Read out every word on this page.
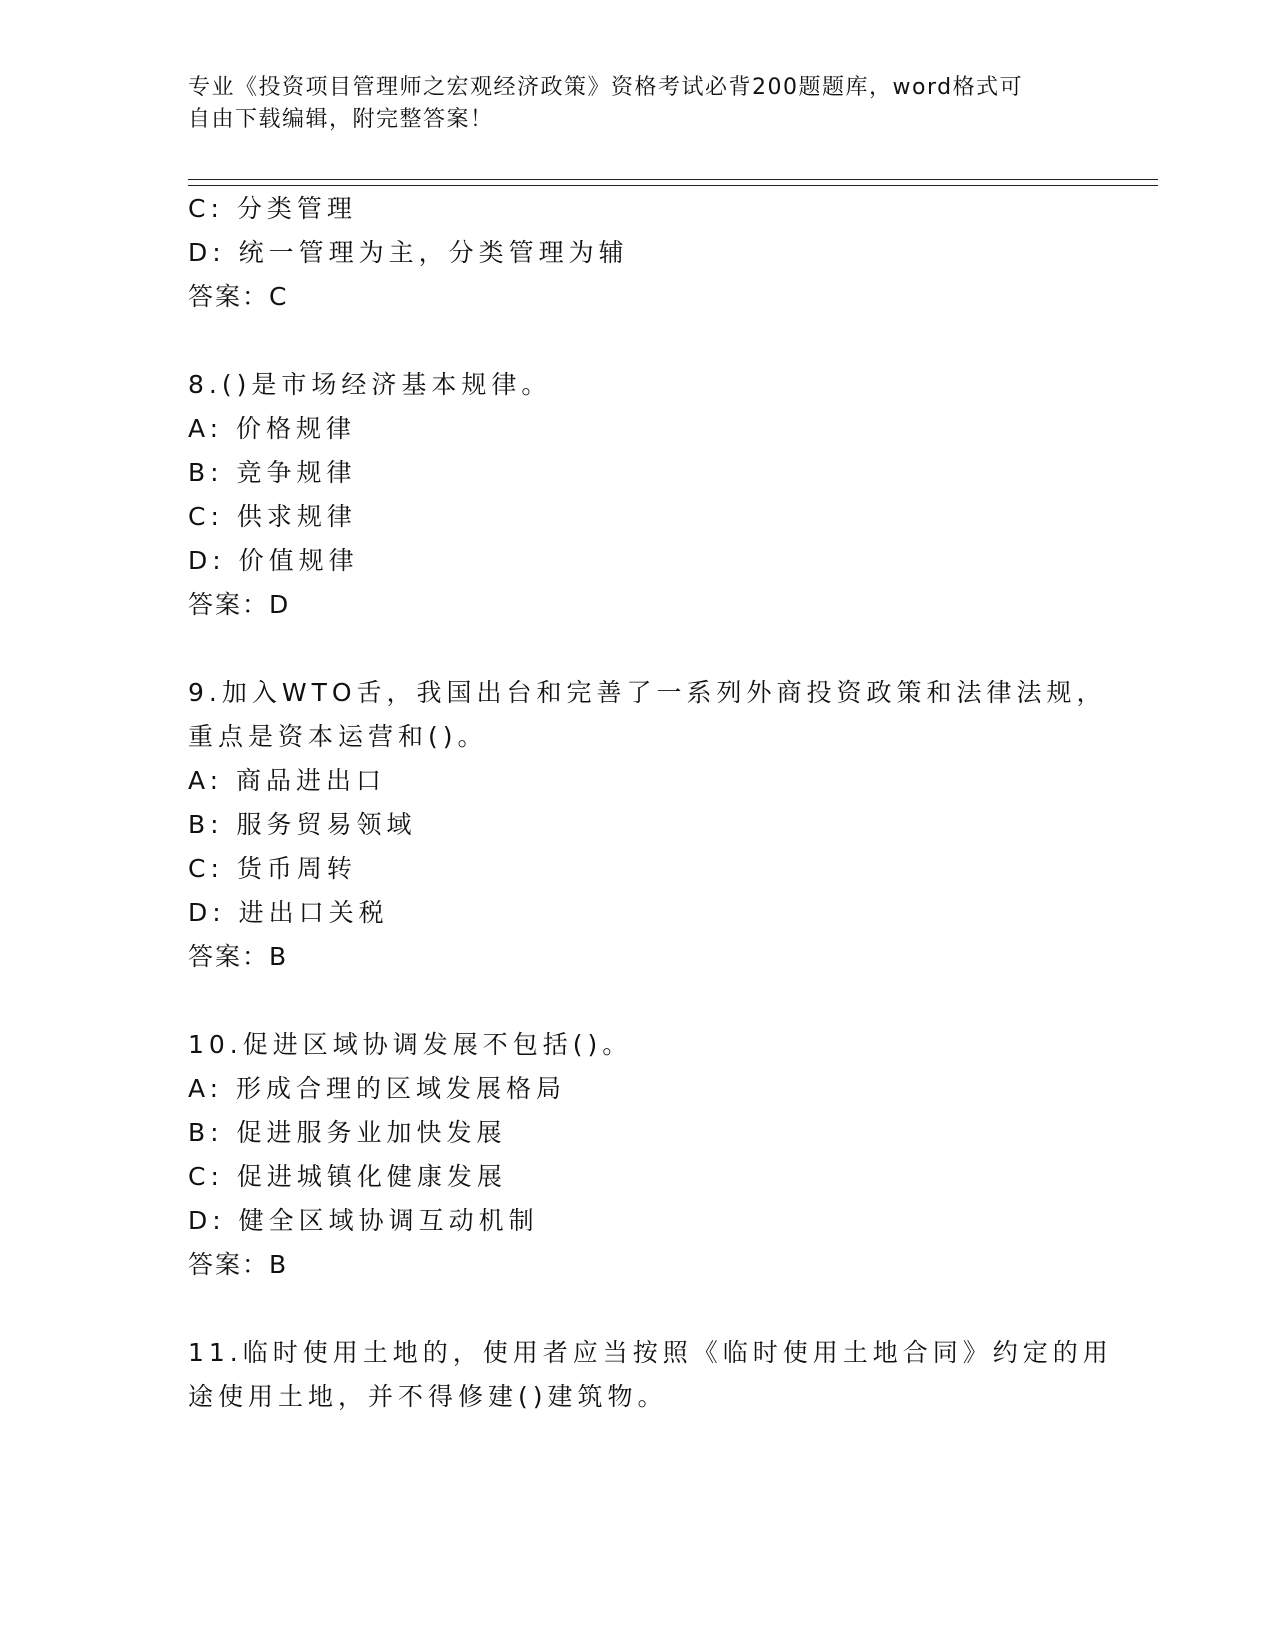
专业《投资项目管理师之宏观经济政策》资格考试必背200题题库，word格式可
自由下载编辑，附完整答案！
C: 分类管理
D: 统一管理为主，分类管理为辅
答案：C
8.()是市场经济基本规律。
A: 价格规律
B: 竞争规律
C: 供求规律
D: 价值规律
答案：D
9.加入WTO舌，我国出台和完善了一系列外商投资政策和法律法规，
重点是资本运营和()。
A: 商品进出口
B: 服务贸易领域
C: 货币周转
D: 进出口关税
答案：B
10.促进区域协调发展不包括()。
A: 形成合理的区域发展格局
B: 促进服务业加快发展
C: 促进城镇化健康发展
D: 健全区域协调互动机制
答案：B
11.临时使用土地的，使用者应当按照《临时使用土地合同》约定的用
途使用土地，并不得修建()建筑物。
